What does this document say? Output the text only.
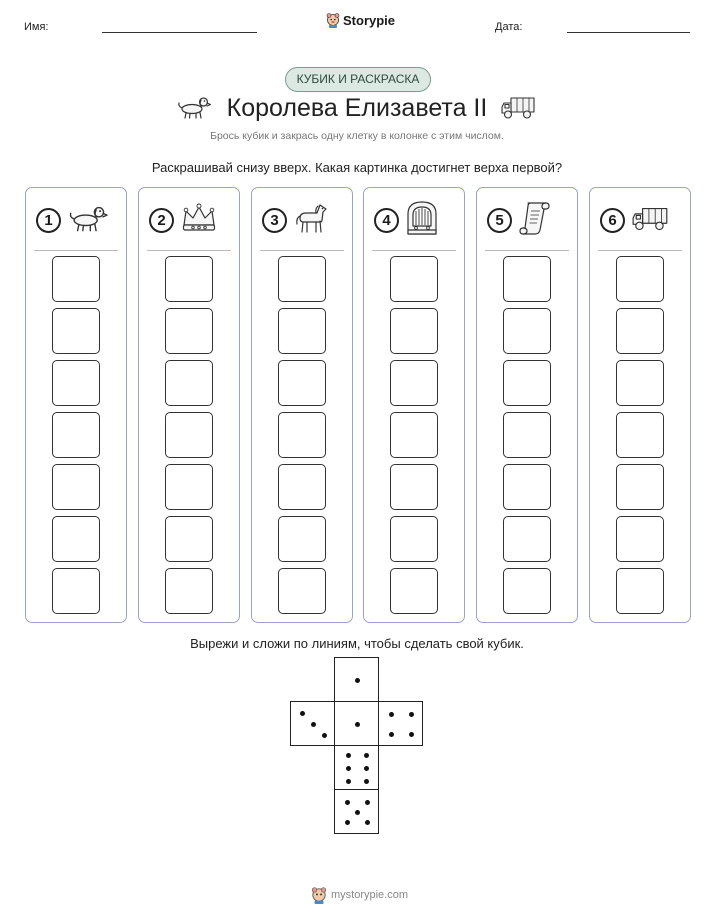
Имя:	Storypie	Дата:
КУБИК И РАСКРАСКА
Королева Елизавета II
Брось кубик и закрась одну клетку в колонке с этим числом.
Раскрашивай снизу вверх. Какая картинка достигнет верха первой?
1	2	3	4	5	6
Вырежи и сложи по линиям, чтобы сделать свой кубик.
mystorypie.com
